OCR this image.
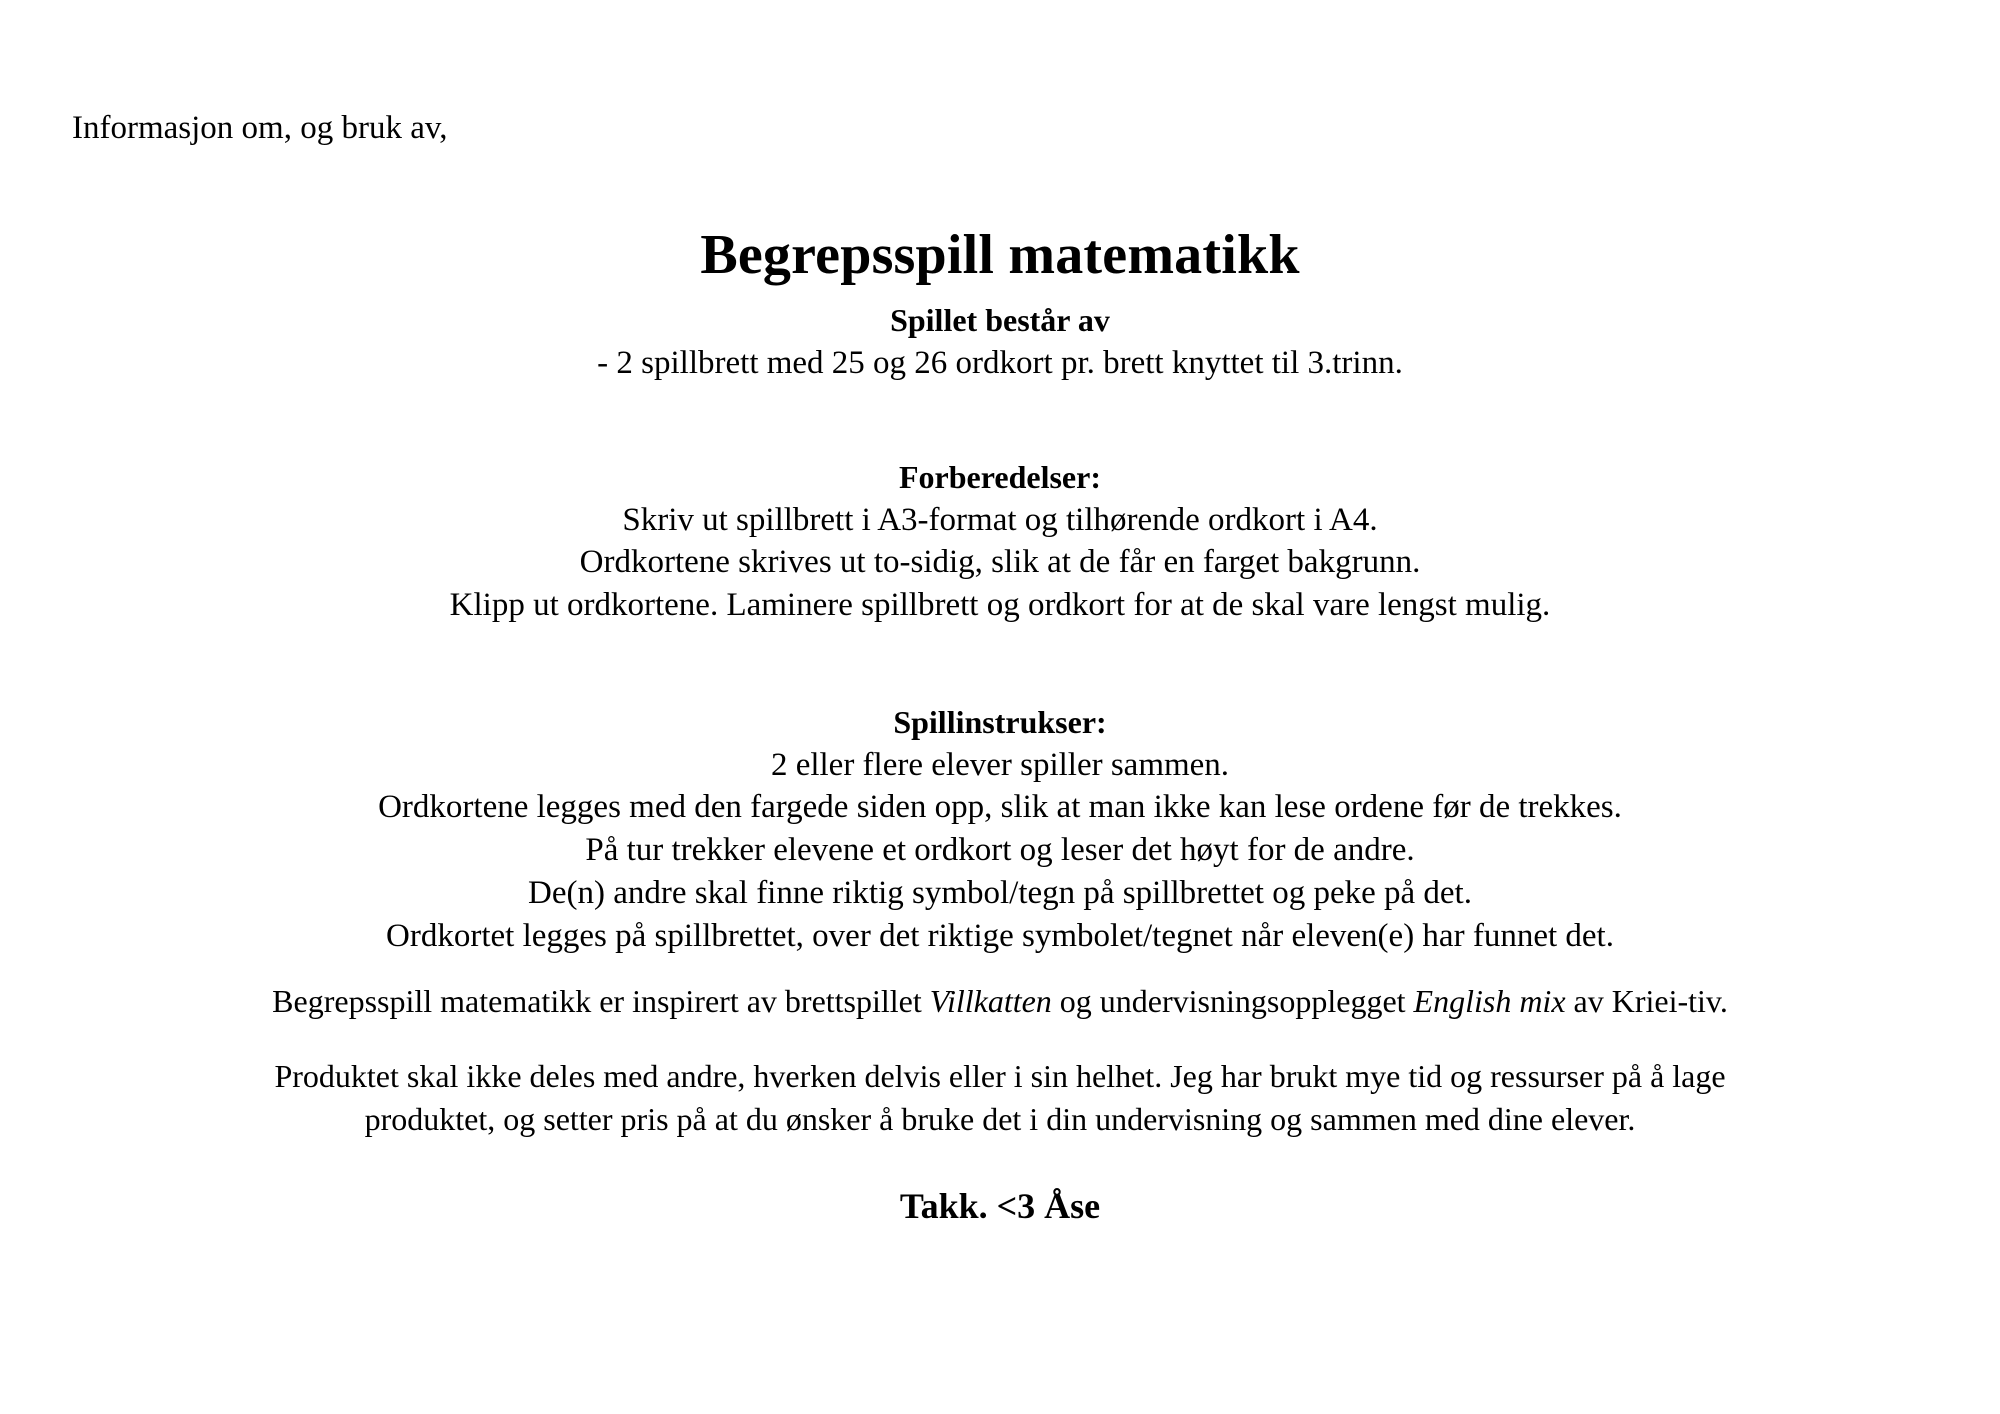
Informasjon om, og bruk av,
Begrepsspill matematikk
Spillet består av
- 2 spillbrett med 25 og 26 ordkort pr. brett knyttet til 3.trinn.
Forberedelser:
Skriv ut spillbrett i A3-format og tilhørende ordkort i A4.
Ordkortene skrives ut to-sidig, slik at de får en farget bakgrunn.
Klipp ut ordkortene. Laminere spillbrett og ordkort for at de skal vare lengst mulig.
Spillinstrukser:
2 eller flere elever spiller sammen.
Ordkortene legges med den fargede siden opp, slik at man ikke kan lese ordene før de trekkes.
På tur trekker elevene et ordkort og leser det høyt for de andre.
De(n) andre skal finne riktig symbol/tegn på spillbrettet og peke på det.
Ordkortet legges på spillbrettet, over det riktige symbolet/tegnet når eleven(e) har funnet det.

Begrepsspill matematikk er inspirert av brettspillet Villkatten og undervisningsopplegget English mix av Kriei-tiv.

Produktet skal ikke deles med andre, hverken delvis eller i sin helhet. Jeg har brukt mye tid og ressurser på å lage
produktet, og setter pris på at du ønsker å bruke det i din undervisning og sammen med dine elever.
Takk. <3 Åse
